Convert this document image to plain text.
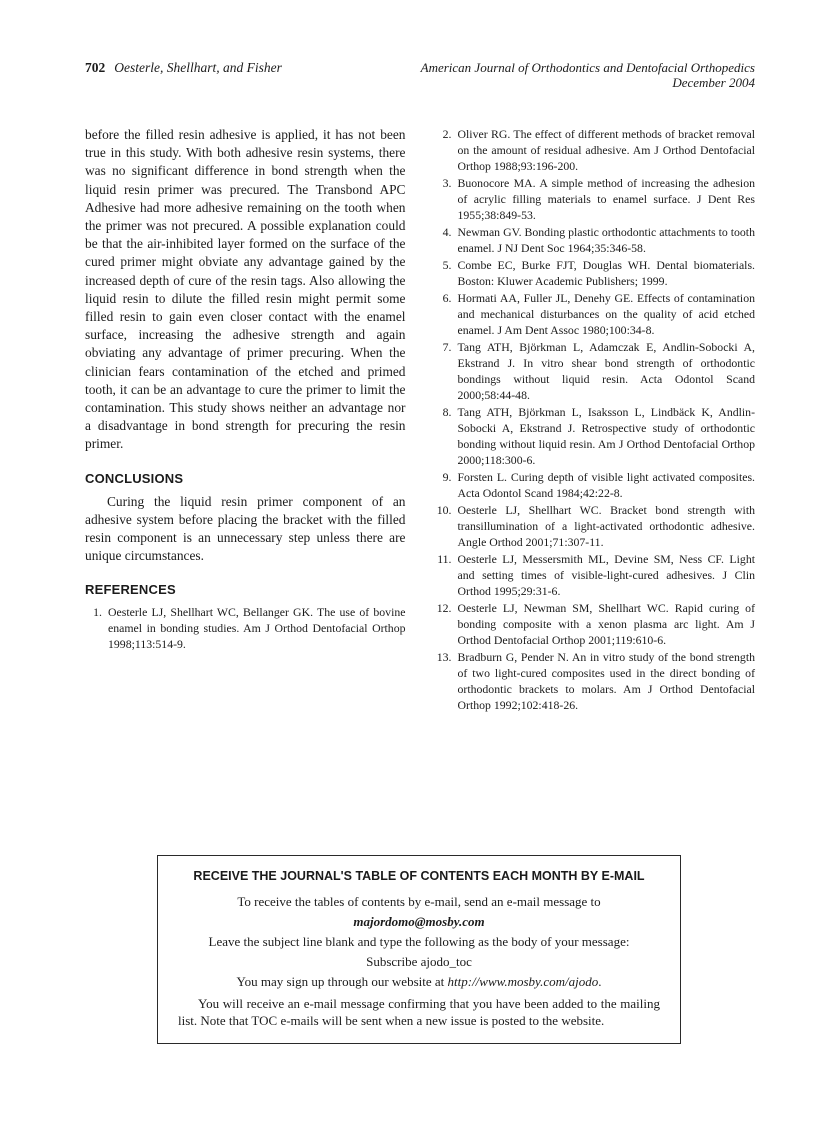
702 Oesterle, Shellhart, and Fisher	American Journal of Orthodontics and Dentofacial Orthopedics
December 2004

before the filled resin adhesive is applied, it has not been true in this study. With both adhesive resin systems, there was no significant difference in bond strength when the liquid resin primer was precured. The Transbond APC Adhesive had more adhesive remaining on the tooth when the primer was not precured. A possible explanation could be that the air-inhibited layer formed on the surface of the cured primer might obviate any advantage gained by the increased depth of cure of the resin tags. Also allowing the liquid resin to dilute the filled resin might permit some filled resin to gain even closer contact with the enamel surface, increasing the adhesive strength and again obviating any advantage of primer precuring. When the clinician fears contamination of the etched and primed tooth, it can be an advantage to cure the primer to limit the contamination. This study shows neither an advantage nor a disadvantage in bond strength for precuring the resin primer.

CONCLUSIONS

Curing the liquid resin primer component of an adhesive system before placing the bracket with the filled resin component is an unnecessary step unless there are unique circumstances.

REFERENCES
1. Oesterle LJ, Shellhart WC, Bellanger GK. The use of bovine enamel in bonding studies. Am J Orthod Dentofacial Orthop 1998;113:514-9.
2. Oliver RG. The effect of different methods of bracket removal on the amount of residual adhesive. Am J Orthod Dentofacial Orthop 1988;93:196-200.
3. Buonocore MA. A simple method of increasing the adhesion of acrylic filling materials to enamel surface. J Dent Res 1955;38:849-53.
4. Newman GV. Bonding plastic orthodontic attachments to tooth enamel. J NJ Dent Soc 1964;35:346-58.
5. Combe EC, Burke FJT, Douglas WH. Dental biomaterials. Boston: Kluwer Academic Publishers; 1999.
6. Hormati AA, Fuller JL, Denehy GE. Effects of contamination and mechanical disturbances on the quality of acid etched enamel. J Am Dent Assoc 1980;100:34-8.
7. Tang ATH, Björkman L, Adamczak E, Andlin-Sobocki A, Ekstrand J. In vitro shear bond strength of orthodontic bondings without liquid resin. Acta Odontol Scand 2000;58:44-48.
8. Tang ATH, Björkman L, Isaksson L, Lindbäck K, Andlin-Sobocki A, Ekstrand J. Retrospective study of orthodontic bonding without liquid resin. Am J Orthod Dentofacial Orthop 2000;118:300-6.
9. Forsten L. Curing depth of visible light activated composites. Acta Odontol Scand 1984;42:22-8.
10. Oesterle LJ, Shellhart WC. Bracket bond strength with transillumination of a light-activated orthodontic adhesive. Angle Orthod 2001;71:307-11.
11. Oesterle LJ, Messersmith ML, Devine SM, Ness CF. Light and setting times of visible-light-cured adhesives. J Clin Orthod 1995;29:31-6.
12. Oesterle LJ, Newman SM, Shellhart WC. Rapid curing of bonding composite with a xenon plasma arc light. Am J Orthod Dentofacial Orthop 2001;119:610-6.
13. Bradburn G, Pender N. An in vitro study of the bond strength of two light-cured composites used in the direct bonding of orthodontic brackets to molars. Am J Orthod Dentofacial Orthop 1992;102:418-26.

RECEIVE THE JOURNAL'S TABLE OF CONTENTS EACH MONTH BY E-MAIL

To receive the tables of contents by e-mail, send an e-mail message to

majordomo@mosby.com

Leave the subject line blank and type the following as the body of your message:

Subscribe ajodo_toc

You may sign up through our website at http://www.mosby.com/ajodo.

You will receive an e-mail message confirming that you have been added to the mailing list. Note that TOC e-mails will be sent when a new issue is posted to the website.
